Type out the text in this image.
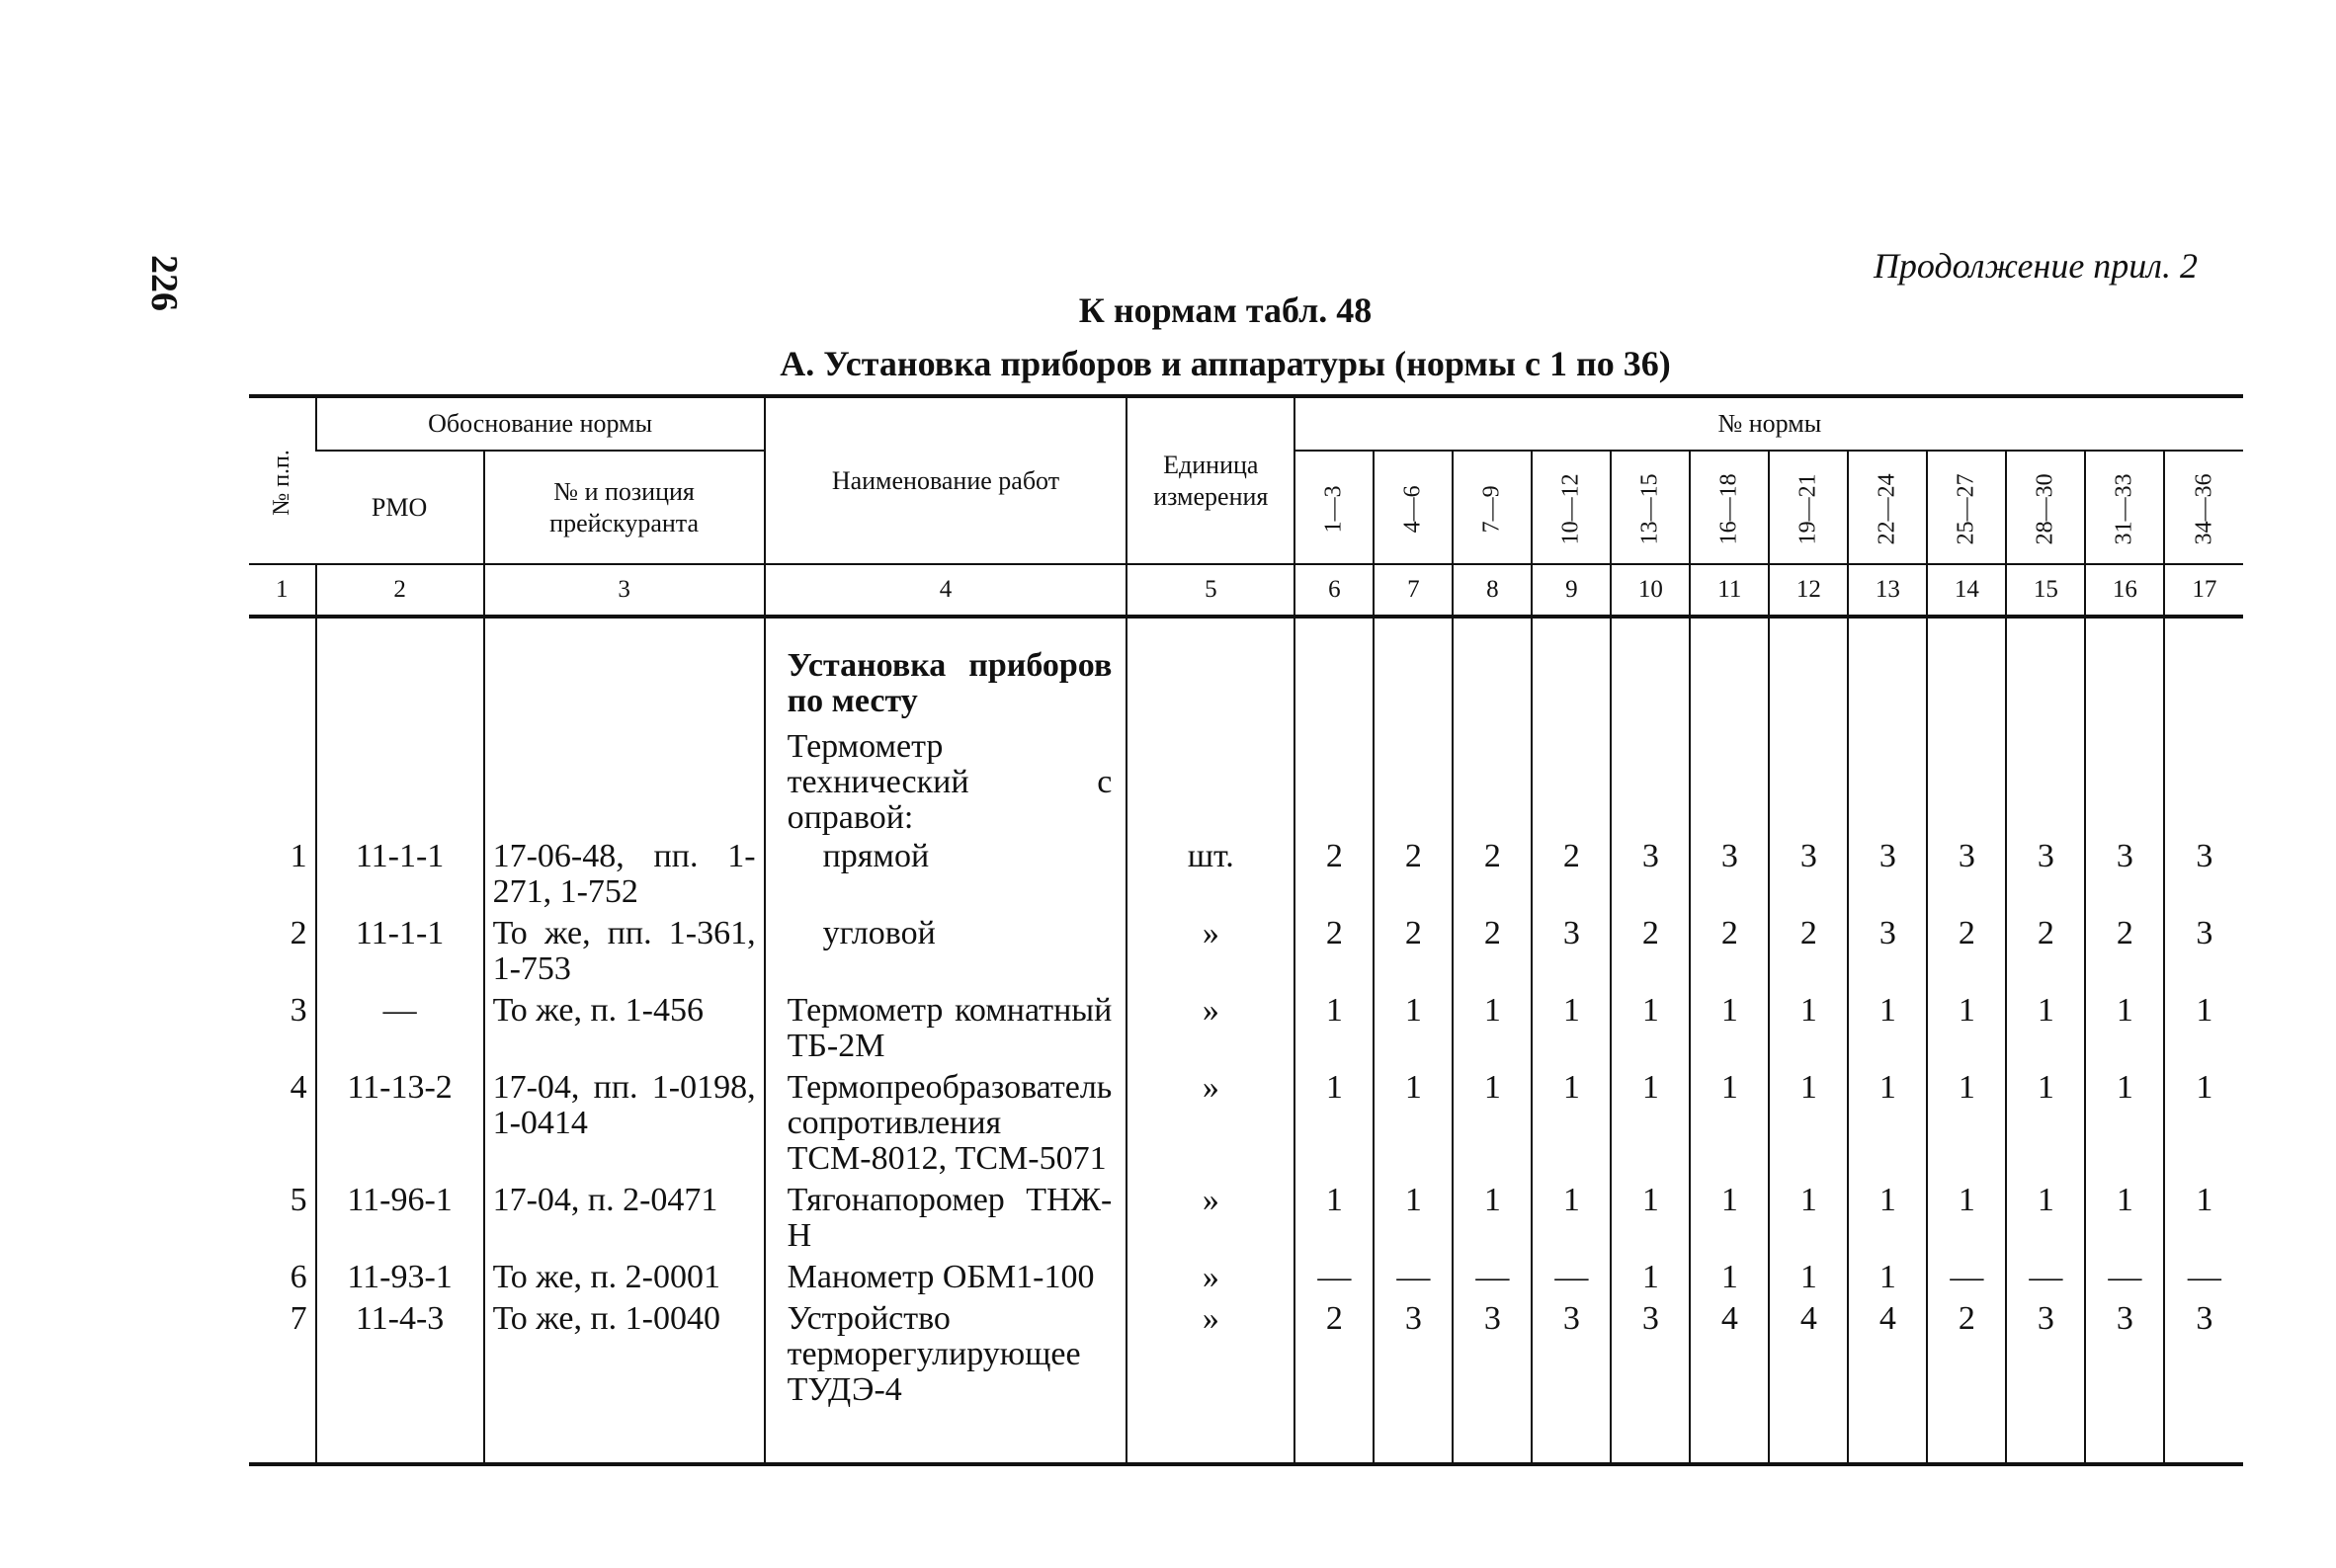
226	Продолжение прил. 2
К нормам табл. 48
А. Установка приборов и аппаратуры (нормы с 1 по 36)
№ п.п.	Обоснование нормы		Наименование работ	Единица измерения	№ нормы											
	РМО	№ и позиция прейскуранта			1—3	4—6	7—9	10—12	13—15	16—18	19—21	22—24	25—27	28—30	31—33	34—36
1	2	3	4	5	6	7	8	9	10	11	12	13	14	15	16	17

			Установка приборов по месту													

			Термометр технический с оправой:													

1	11-1-1	17-06-48, пп. 1-271, 1-752	прямой	шт.	2	2	2	2	3	3	3	3	3	3	3	3
2	11-1-1	То же, пп. 1-361, 1-753	угловой	»	2	2	2	3	2	2	2	3	2	2	2	3
3	—	То же, п. 1-456	Термометр комнатный ТБ-2М	»	1	1	1	1	1	1	1	1	1	1	1	1
4	11-13-2	17-04, пп. 1-0198, 1-0414	Термопреобразователь сопротивления ТСМ-8012, ТСМ-5071	»	1	1	1	1	1	1	1	1	1	1	1	1
5	11-96-1	17-04, п. 2-0471	Тягонапоромер ТНЖ-Н	»	1	1	1	1	1	1	1	1	1	1	1	1
6	11-93-1	То же, п. 2-0001	Манометр ОБМ1-100	»	—	—	—	—	1	1	1	1	—	—	—	—
7	11-4-3	То же, п. 1-0040	Устройство терморегулирующее ТУДЭ-4	»	2	3	3	3	3	4	4	4	2	3	3	3
